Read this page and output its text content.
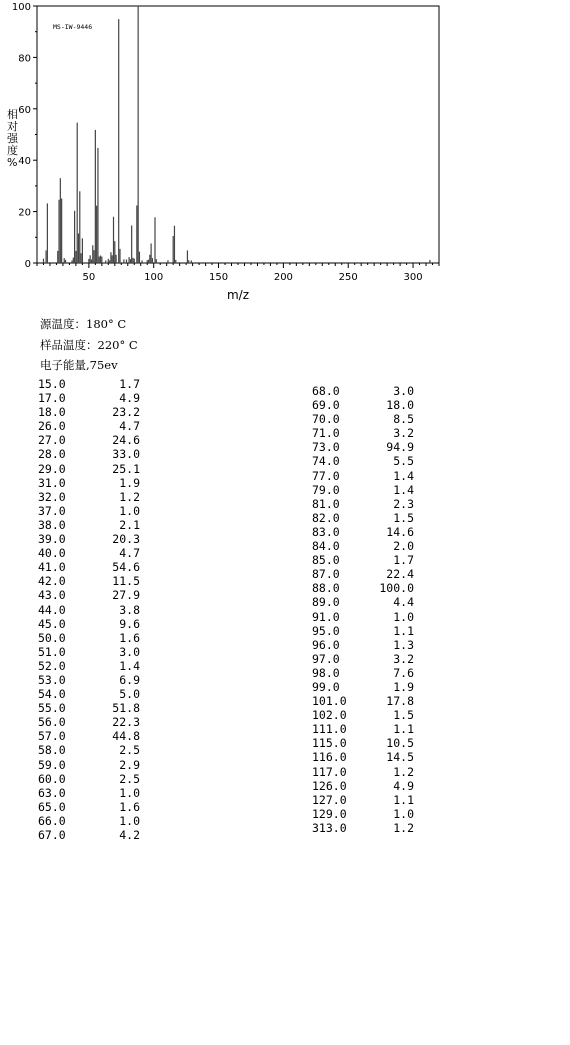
MS-IW-9446
0
20
40
60
80
100
50	100	150	200	250	300
m/z
相对强度%
源温度：180° C
样品温度：220° C
电子能量,75ev
15.0	1.7
17.0	4.9
18.0	23.2
26.0	4.7
27.0	24.6
28.0	33.0
29.0	25.1
31.0	1.9
32.0	1.2
37.0	1.0
38.0	2.1
39.0	20.3
40.0	4.7
41.0	54.6
42.0	11.5
43.0	27.9
44.0	3.8
45.0	9.6
50.0	1.6
51.0	3.0
52.0	1.4
53.0	6.9
54.0	5.0
55.0	51.8
56.0	22.3
57.0	44.8
58.0	2.5
59.0	2.9
60.0	2.5
63.0	1.0
65.0	1.6
66.0	1.0
67.0	4.2
68.0	3.0
69.0	18.0
70.0	8.5
71.0	3.2
73.0	94.9
74.0	5.5
77.0	1.4
79.0	1.4
81.0	2.3
82.0	1.5
83.0	14.6
84.0	2.0
85.0	1.7
87.0	22.4
88.0	100.0
89.0	4.4
91.0	1.0
95.0	1.1
96.0	1.3
97.0	3.2
98.0	7.6
99.0	1.9
101.0	17.8
102.0	1.5
111.0	1.1
115.0	10.5
116.0	14.5
117.0	1.2
126.0	4.9
127.0	1.1
129.0	1.0
313.0	1.2
